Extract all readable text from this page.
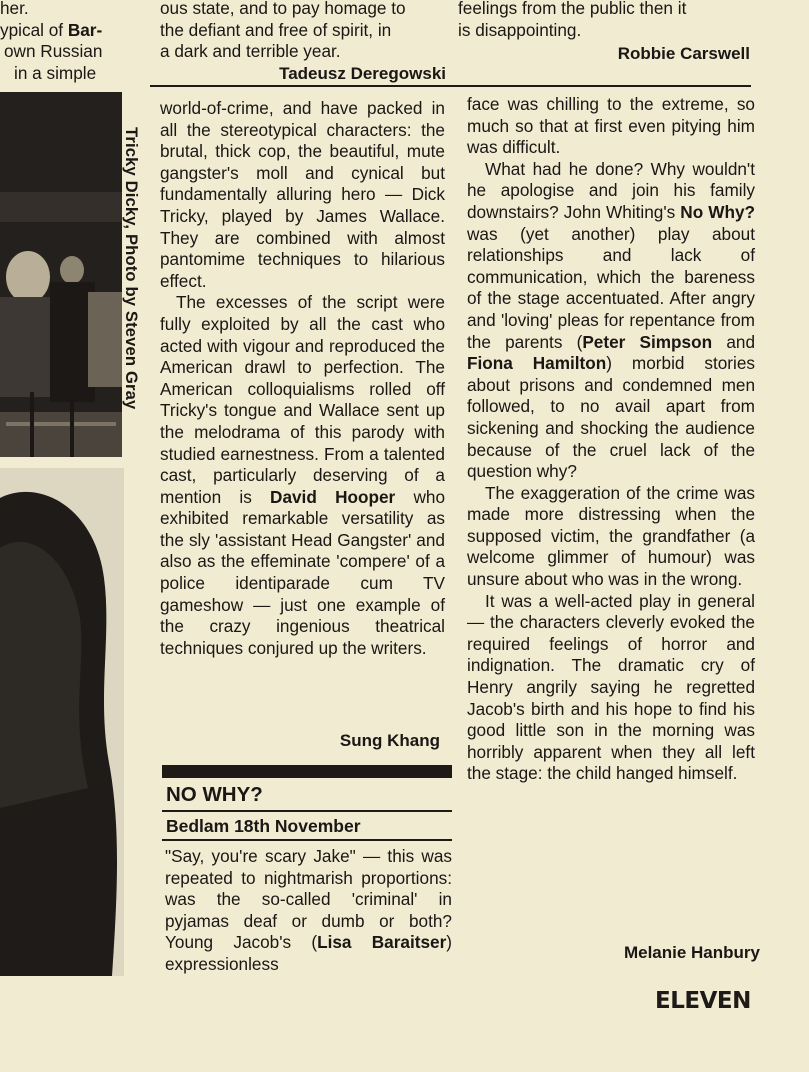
her.

ypical of Bar-

own Russian

in a simple

Tricky Dicky, Photo by Steven Gray

ous state, and to pay homage to

the defiant and free of spirit, in

a dark and terrible year.

Tadeusz Deregowski

feelings from the public then it

is disappointing.

Robbie Carswell

world-of-crime, and have packed in all the stereotypical characters: the brutal, thick cop, the beautiful, mute gangster's moll and cynical but fundamentally alluring hero — Dick Tricky, played by James Wallace. They are combined with almost pantomime techniques to hilarious effect.

The excesses of the script were fully exploited by all the cast who acted with vigour and reproduced the American drawl to perfection. The American colloquialisms rolled off Tricky's tongue and Wallace sent up the melodrama of this parody with studied earnestness. From a talented cast, particularly deserving of a mention is David Hooper who exhibited remarkable versatility as the sly 'assistant Head Gangster' and also as the effeminate 'compere' of a police identiparade cum TV gameshow — just one example of the crazy ingenious theatrical techniques conjured up the writers.

Sung Khang
NO WHY?
Bedlam 18th November

"Say, you're scary Jake" — this was repeated to nightmarish proportions: was the so-called 'criminal' in pyjamas deaf or dumb or both? Young Jacob's (Lisa Baraitser) expressionless

face was chilling to the extreme, so much so that at first even pitying him was difficult.

What had he done? Why wouldn't he apologise and join his family downstairs? John Whiting's No Why? was (yet another) play about relationships and lack of communication, which the bareness of the stage accentuated. After angry and 'loving' pleas for repentance from the parents (Peter Simpson and Fiona Hamilton) morbid stories about prisons and condemned men followed, to no avail apart from sickening and shocking the audience because of the cruel lack of the question why?

The exaggeration of the crime was made more distressing when the supposed victim, the grandfather (a welcome glimmer of humour) was unsure about who was in the wrong.

It was a well-acted play in general — the characters cleverly evoked the required feelings of horror and indignation. The dramatic cry of Henry angrily saying he regretted Jacob's birth and his hope to find his good little son in the morning was horribly apparent when they all left the stage: the child hanged himself.

Melanie Hanbury
ELEVEN
